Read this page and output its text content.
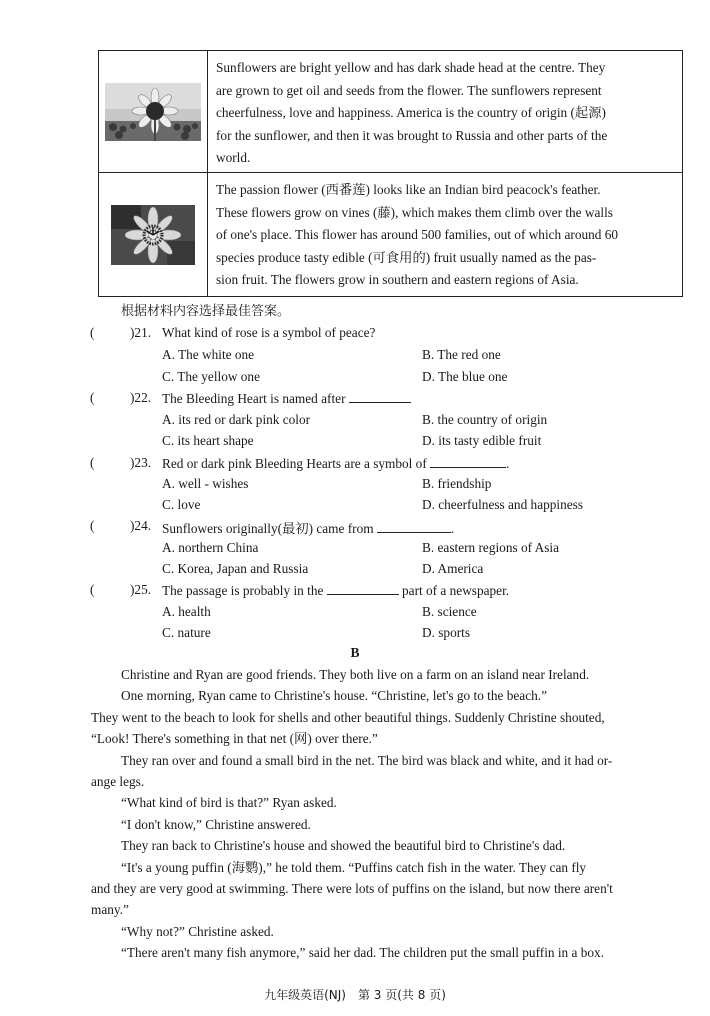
Sunflowers are bright yellow and has dark shade head at the centre. They
are grown to get oil and seeds from the flower. The sunflowers represent
cheerfulness, love and happiness. America is the country of origin (起源)
for the sunflower, and then it was brought to Russia and other parts of the
world.
The passion flower (西番莲) looks like an Indian bird peacock's feather.
These flowers grow on vines (藤), which makes them climb over the walls
of one's place. This flower has around 500 families, out of which around 60
species produce tasty edible (可食用的) fruit usually named as the pas-
sion fruit. The flowers grow in southern and eastern regions of Asia.
根据材料内容选择最佳答案。
(	)21. What kind of rose is a symbol of peace?
A. The white one	B. The red one
C. The yellow one	D. The blue one
(	)22. The Bleeding Heart is named after
A. its red or dark pink color	B. the country of origin
C. its heart shape	D. its tasty edible fruit
(	)23. Red or dark pink Bleeding Hearts are a symbol of	.
A. well - wishes	B. friendship
C. love	D. cheerfulness and happiness
(	)24. Sunflowers originally(最初) came from	.
A. northern China	B. eastern regions of Asia
C. Korea, Japan and Russia	D. America
(	)25. The passage is probably in the	part of a newspaper.
A. health	B. science
C. nature	D. sports
B
Christine and Ryan are good friends. They both live on a farm on an island near Ireland.
One morning, Ryan came to Christine's house. “Christine, let's go to the beach.”
They went to the beach to look for shells and other beautiful things. Suddenly Christine shouted,
“Look! There's something in that net (网) over there.”
They ran over and found a small bird in the net. The bird was black and white, and it had or-
ange legs.
“What kind of bird is that?” Ryan asked.
“I don't know,” Christine answered.
They ran back to Christine's house and showed the beautiful bird to Christine's dad.
“It's a young puffin (海鹦),” he told them. “Puffins catch fish in the water. They can fly
and they are very good at swimming. There were lots of puffins on the island, but now there aren't
many.”
“Why not?” Christine asked.
“There aren't many fish anymore,” said her dad. The children put the small puffin in a box.
九年级英语(NJ)　第 3 页(共 8 页)
